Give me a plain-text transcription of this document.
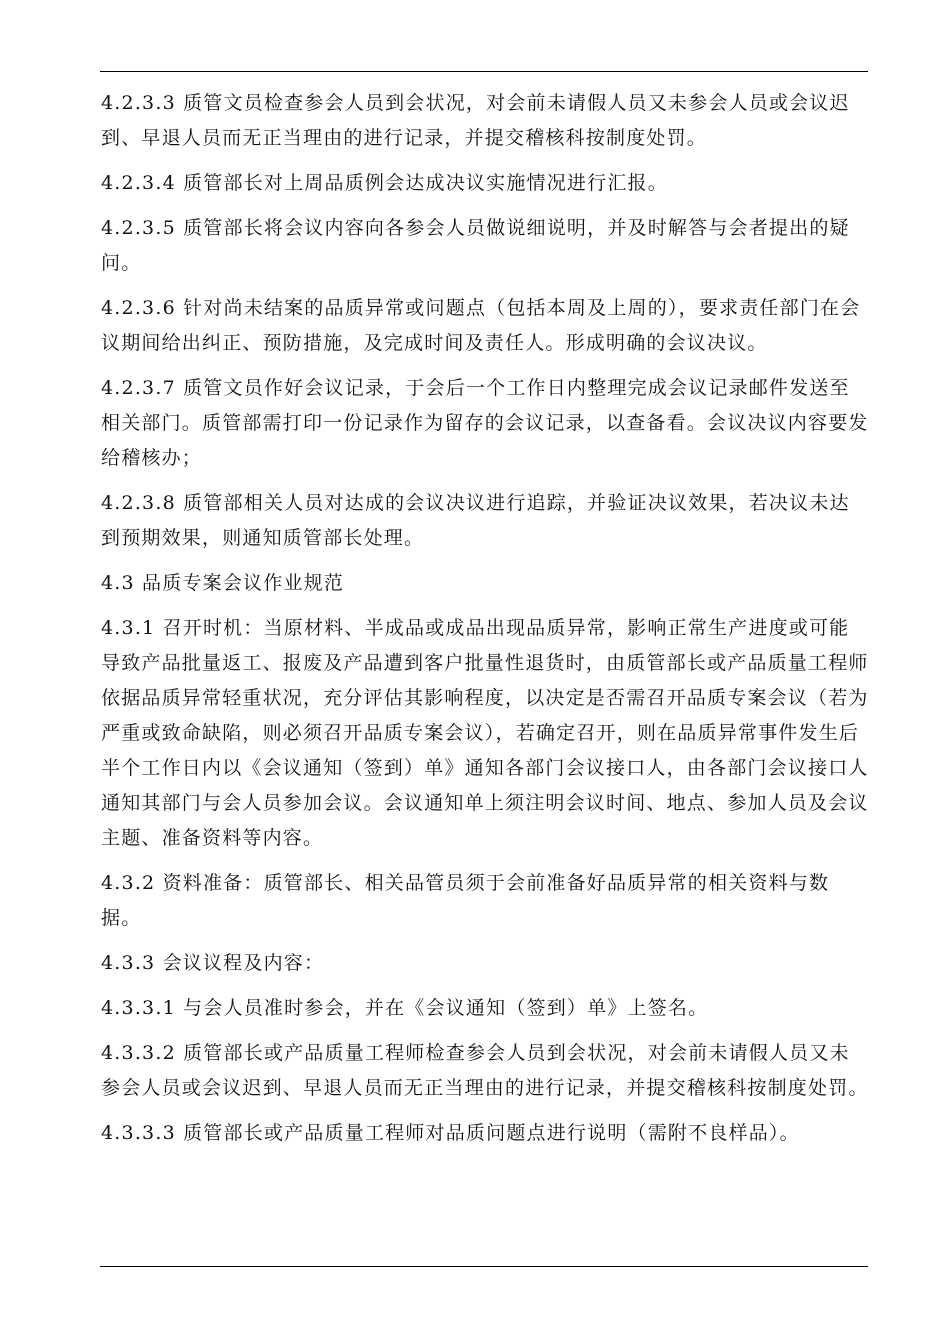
4.2.3.3 质管文员检查参会人员到会状况，对会前未请假人员又未参会人员或会议迟到、早退人员而无正当理由的进行记录，并提交稽核科按制度处罚。

4.2.3.4 质管部长对上周品质例会达成决议实施情况进行汇报。

4.2.3.5 质管部长将会议内容向各参会人员做说细说明，并及时解答与会者提出的疑问。

4.2.3.6 针对尚未结案的品质异常或问题点（包括本周及上周的），要求责任部门在会议期间给出纠正、预防措施，及完成时间及责任人。形成明确的会议决议。

4.2.3.7 质管文员作好会议记录，于会后一个工作日内整理完成会议记录邮件发送至相关部门。质管部需打印一份记录作为留存的会议记录，以查备看。会议决议内容要发给稽核办；

4.2.3.8 质管部相关人员对达成的会议决议进行追踪，并验证决议效果，若决议未达到预期效果，则通知质管部长处理。

4.3 品质专案会议作业规范

4.3.1 召开时机：当原材料、半成品或成品出现品质异常，影响正常生产进度或可能导致产品批量返工、报废及产品遭到客户批量性退货时，由质管部长或产品质量工程师依据品质异常轻重状况，充分评估其影响程度，以决定是否需召开品质专案会议（若为严重或致命缺陷，则必须召开品质专案会议），若确定召开，则在品质异常事件发生后半个工作日内以《会议通知（签到）单》通知各部门会议接口人，由各部门会议接口人通知其部门与会人员参加会议。会议通知单上须注明会议时间、地点、参加人员及会议主题、准备资料等内容。

4.3.2 资料准备：质管部长、相关品管员须于会前准备好品质异常的相关资料与数据。

4.3.3 会议议程及内容：

4.3.3.1 与会人员准时参会，并在《会议通知（签到）单》上签名。

4.3.3.2 质管部长或产品质量工程师检查参会人员到会状况，对会前未请假人员又未参会人员或会议迟到、早退人员而无正当理由的进行记录，并提交稽核科按制度处罚。

4.3.3.3 质管部长或产品质量工程师对品质问题点进行说明（需附不良样品）。
